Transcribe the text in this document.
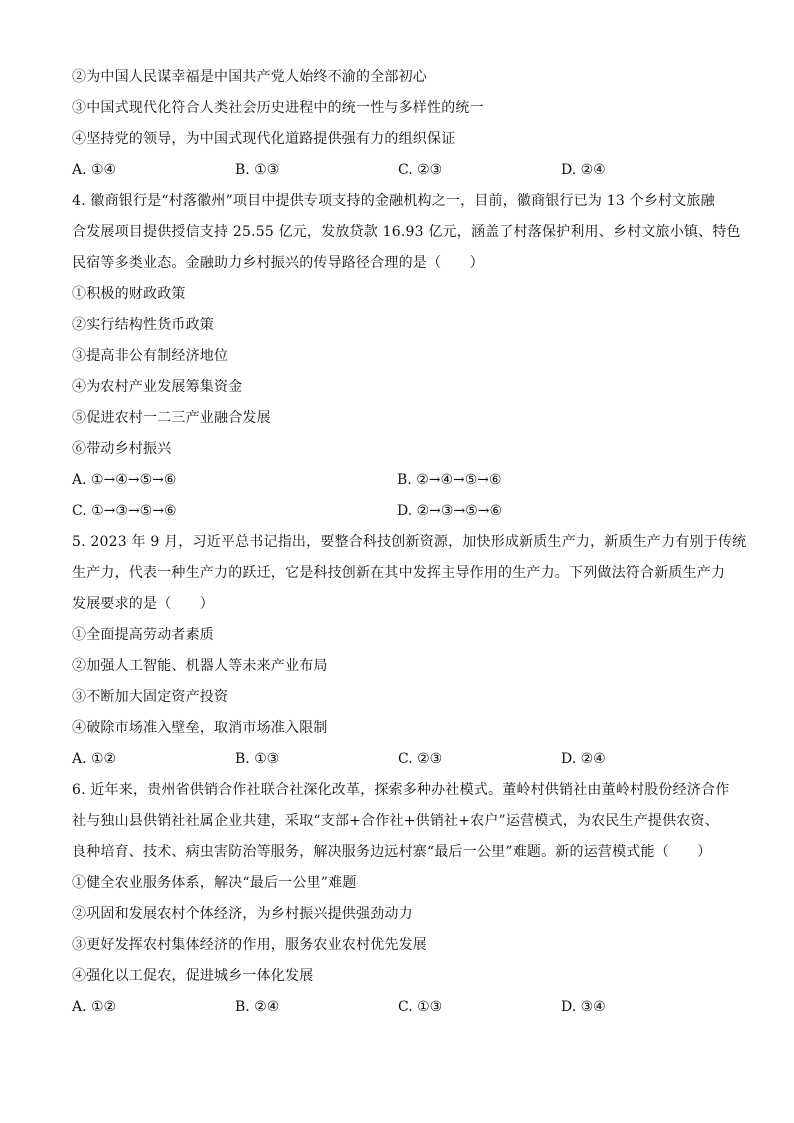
②为中国人民谋幸福是中国共产党人始终不渝的全部初心
③中国式现代化符合人类社会历史进程中的统一性与多样性的统一
④坚持党的领导，为中国式现代化道路提供强有力的组织保证
A. ①④	B. ①③	C. ②③	D. ②④
4. 徽商银行是“村落徽州”项目中提供专项支持的金融机构之一，目前，徽商银行已为 13 个乡村文旅融
合发展项目提供授信支持 25.55 亿元，发放贷款 16.93 亿元，涵盖了村落保护利用、乡村文旅小镇、特色
民宿等多类业态。金融助力乡村振兴的传导路径合理的是（　　）
①积极的财政政策
②实行结构性货币政策
③提高非公有制经济地位
④为农村产业发展筹集资金
⑤促进农村一二三产业融合发展
⑥带动乡村振兴
A. ①→④→⑤→⑥	B. ②→④→⑤→⑥
C. ①→③→⑤→⑥	D. ②→③→⑤→⑥
5. 2023 年 9 月，习近平总书记指出，要整合科技创新资源，加快形成新质生产力，新质生产力有别于传统
生产力，代表一种生产力的跃迁，它是科技创新在其中发挥主导作用的生产力。下列做法符合新质生产力
发展要求的是（　　）
①全面提高劳动者素质
②加强人工智能、机器人等未来产业布局
③不断加大固定资产投资
④破除市场准入壁垒，取消市场准入限制
A. ①②	B. ①③	C. ②③	D. ②④
6. 近年来，贵州省供销合作社联合社深化改革，探索多种办社模式。董岭村供销社由董岭村股份经济合作
社与独山县供销社社属企业共建，采取“支部+合作社+供销社+农户”运营模式，为农民生产提供农资、
良种培育、技术、病虫害防治等服务，解决服务边远村寨“最后一公里”难题。新的运营模式能（　　）
①健全农业服务体系，解决“最后一公里”难题
②巩固和发展农村个体经济，为乡村振兴提供强劲动力
③更好发挥农村集体经济的作用，服务农业农村优先发展
④强化以工促农，促进城乡一体化发展
A. ①②	B. ②④	C. ①③	D. ③④
